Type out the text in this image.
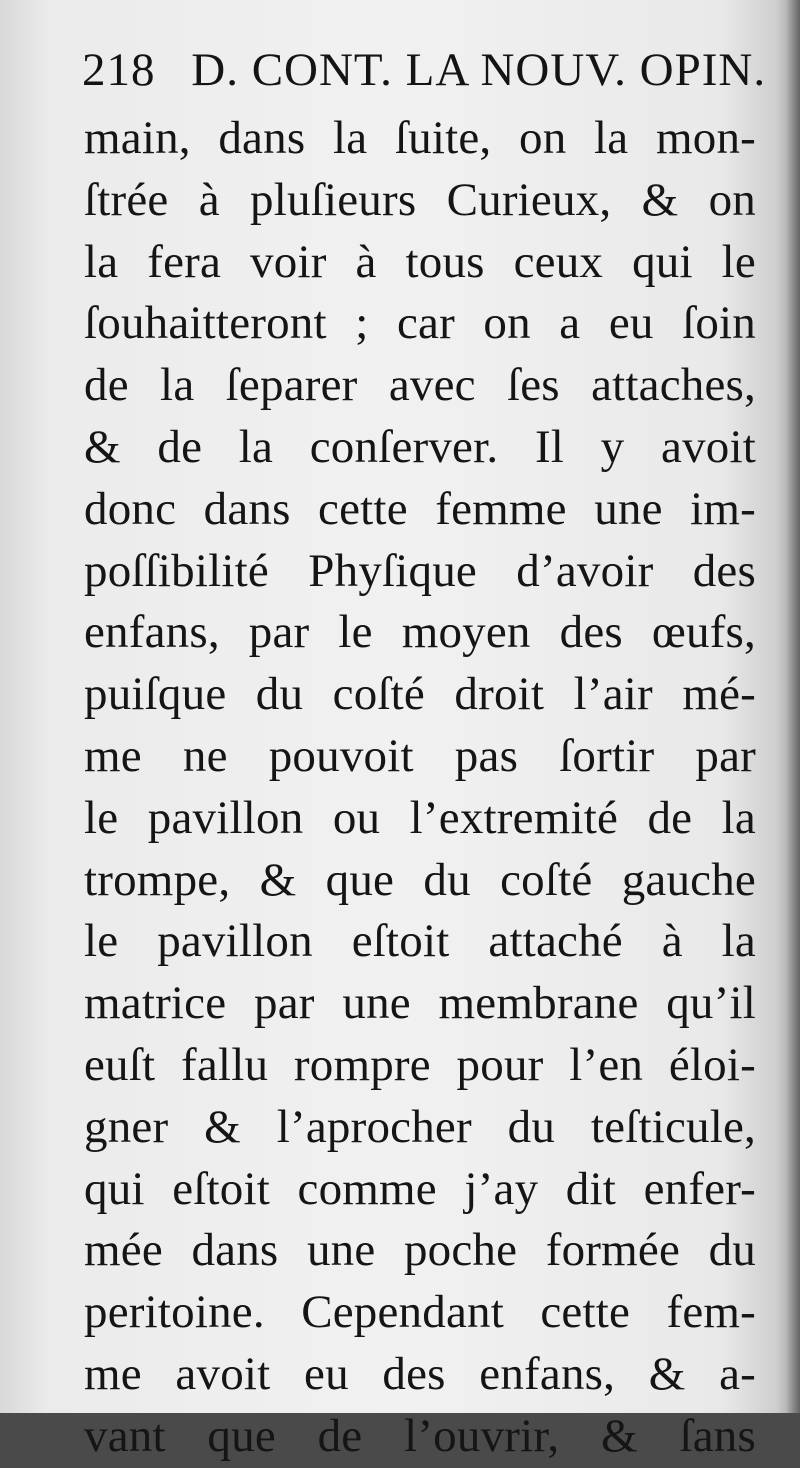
218 D. CONT. LA NOUV. OPIN.
main, dans la ſuite, on la mon-
ſtrée à pluſieurs Curieux, & on
la fera voir à tous ceux qui le
ſouhaitteront ; car on a eu ſoin
de la ſeparer avec ſes attaches,
& de la conſerver. Il y avoit
donc dans cette femme une im-
poſſibilité Phyſique d’avoir des
enfans, par le moyen des œufs,
puiſque du coſté droit l’air mé-
me ne pouvoit pas ſortir par
le pavillon ou l’extremité de la
trompe, & que du coſté gauche
le pavillon eſtoit attaché à la
matrice par une membrane qu’il
euſt fallu rompre pour l’en éloi-
gner & l’aprocher du teſticule,
qui eſtoit comme j’ay dit enfer-
mée dans une poche formée du
peritoine. Cependant cette fem-
me avoit eu des enfans, & a-
vant que de l’ouvrir, & ſans
